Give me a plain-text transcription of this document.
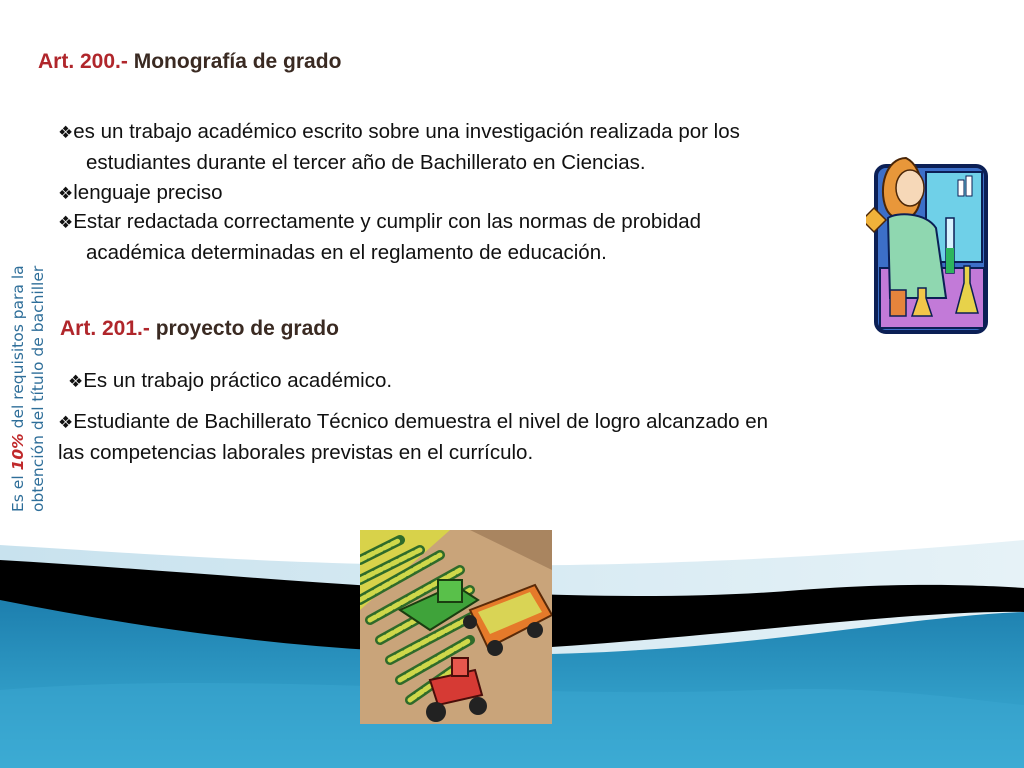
Art. 200.- Monografía de grado
❖es un trabajo académico escrito sobre una investigación realizada por los
estudiantes durante el tercer año de Bachillerato en Ciencias.
❖lenguaje preciso
❖Estar redactada correctamente y cumplir con las normas de probidad
académica determinadas en el reglamento de educación.
Art. 201.- proyecto de grado
❖Es un trabajo práctico académico.
❖Estudiante de Bachillerato Técnico demuestra el nivel de logro alcanzado en
las competencias laborales previstas en el currículo.
Es el 10% del requisitos para la obtención del título de bachiller
